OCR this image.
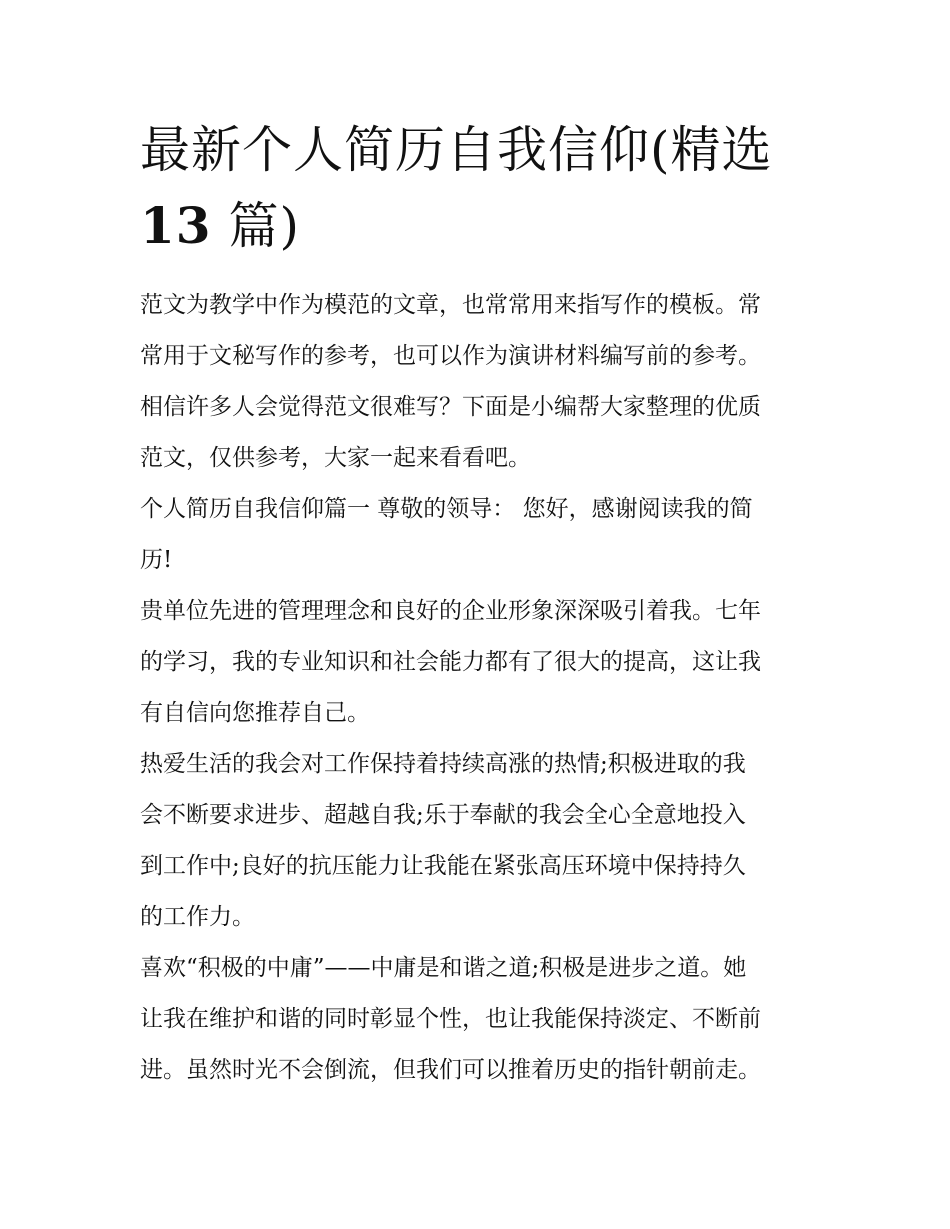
最新个人简历自我信仰(精选
13 篇)
范文为教学中作为模范的文章，也常常用来指写作的模板。常
常用于文秘写作的参考，也可以作为演讲材料编写前的参考。
相信许多人会觉得范文很难写？下面是小编帮大家整理的优质
范文，仅供参考，大家一起来看看吧。
个人简历自我信仰篇一 尊敬的领导： 您好，感谢阅读我的简
历!
贵单位先进的管理理念和良好的企业形象深深吸引着我。七年
的学习，我的专业知识和社会能力都有了很大的提高，这让我
有自信向您推荐自己。
热爱生活的我会对工作保持着持续高涨的热情;积极进取的我
会不断要求进步、超越自我;乐于奉献的我会全心全意地投入
到工作中;良好的抗压能力让我能在紧张高压环境中保持持久
的工作力。
喜欢“积极的中庸”——中庸是和谐之道;积极是进步之道。她
让我在维护和谐的同时彰显个性，也让我能保持淡定、不断前
进。虽然时光不会倒流，但我们可以推着历史的指针朝前走。
